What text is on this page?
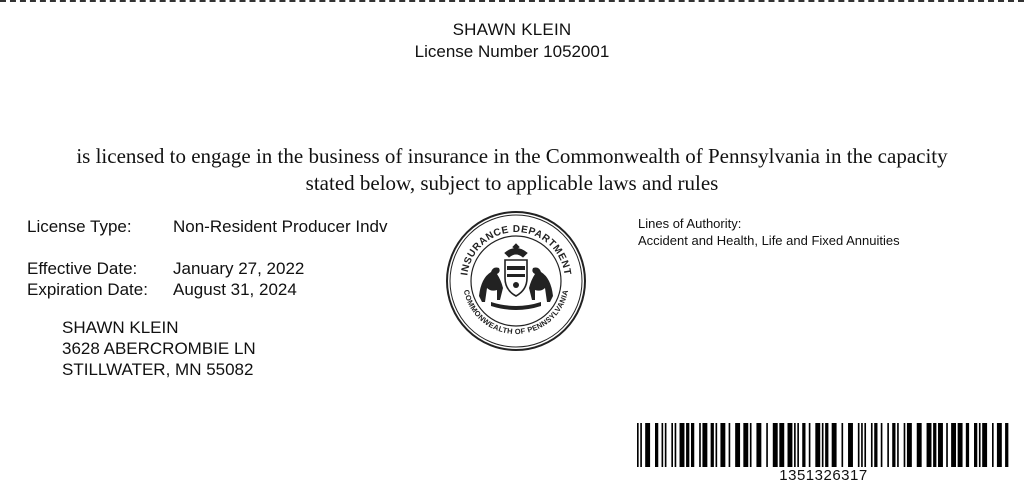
SHAWN KLEIN
License Number 1052001
is licensed to engage in the business of insurance in the Commonwealth of Pennsylvania in the capacity
stated below, subject to applicable laws and rules
License Type: Non-Resident Producer Indv
Effective Date: January 27, 2022
Expiration Date: August 31, 2024
SHAWN KLEIN
3628 ABERCROMBIE LN
STILLWATER, MN 55082
Lines of Authority:
Accident and Health, Life and Fixed Annuities
INSURANCE DEPARTMENT
COMMONWEALTH OF PENNSYLVANIA
1351326317
